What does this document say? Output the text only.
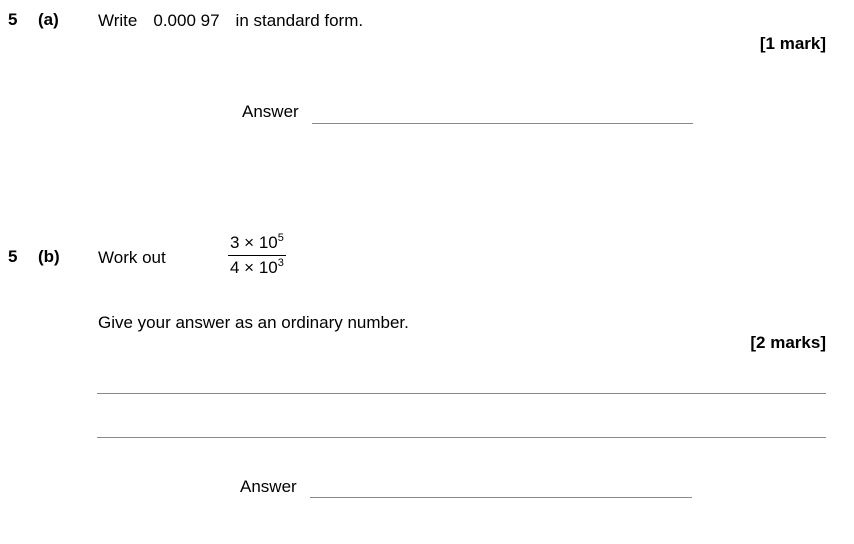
5 (a) Write 0.000 97 in standard form.
[1 mark]
Answer
5 (b) Work out	$\frac{3 \times 10^5}{4 \times 10^3}$
Give your answer as an ordinary number.
[2 marks]
Answer
